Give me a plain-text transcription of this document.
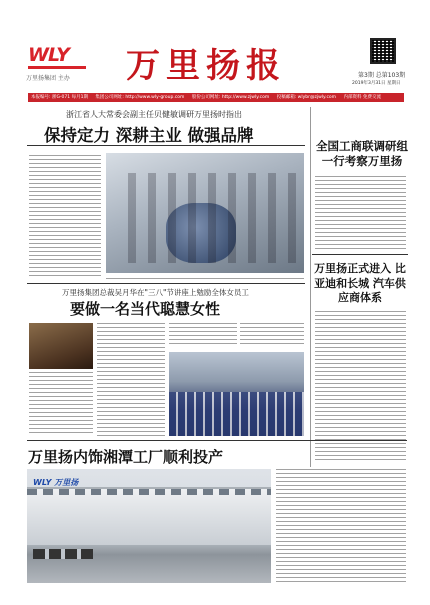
WLY
万里扬集团 主办 万里扬报	第3期 总第103期
2019年3月31日 星期日
本报编号: 浙G-071 每月1期 集团公司网址: http://www.wly-group.com 股份公司网址: http://www.zjwly.com 投稿邮箱: wlybr@zjwly.com 内部资料 免费交流
浙江省人大常委会副主任贝健敏调研万里扬时指出
保持定力 深耕主业 做强品牌
全国工商联调研组 一行考察万里扬
万里扬集团总裁吴月华在"三八"节讲座上勉励全体女员工
要做一名当代聪慧女性
万里扬正式进入 比亚迪和长城 汽车供应商体系
万里扬内饰湘潭工厂顺利投产
WLY 万里扬
